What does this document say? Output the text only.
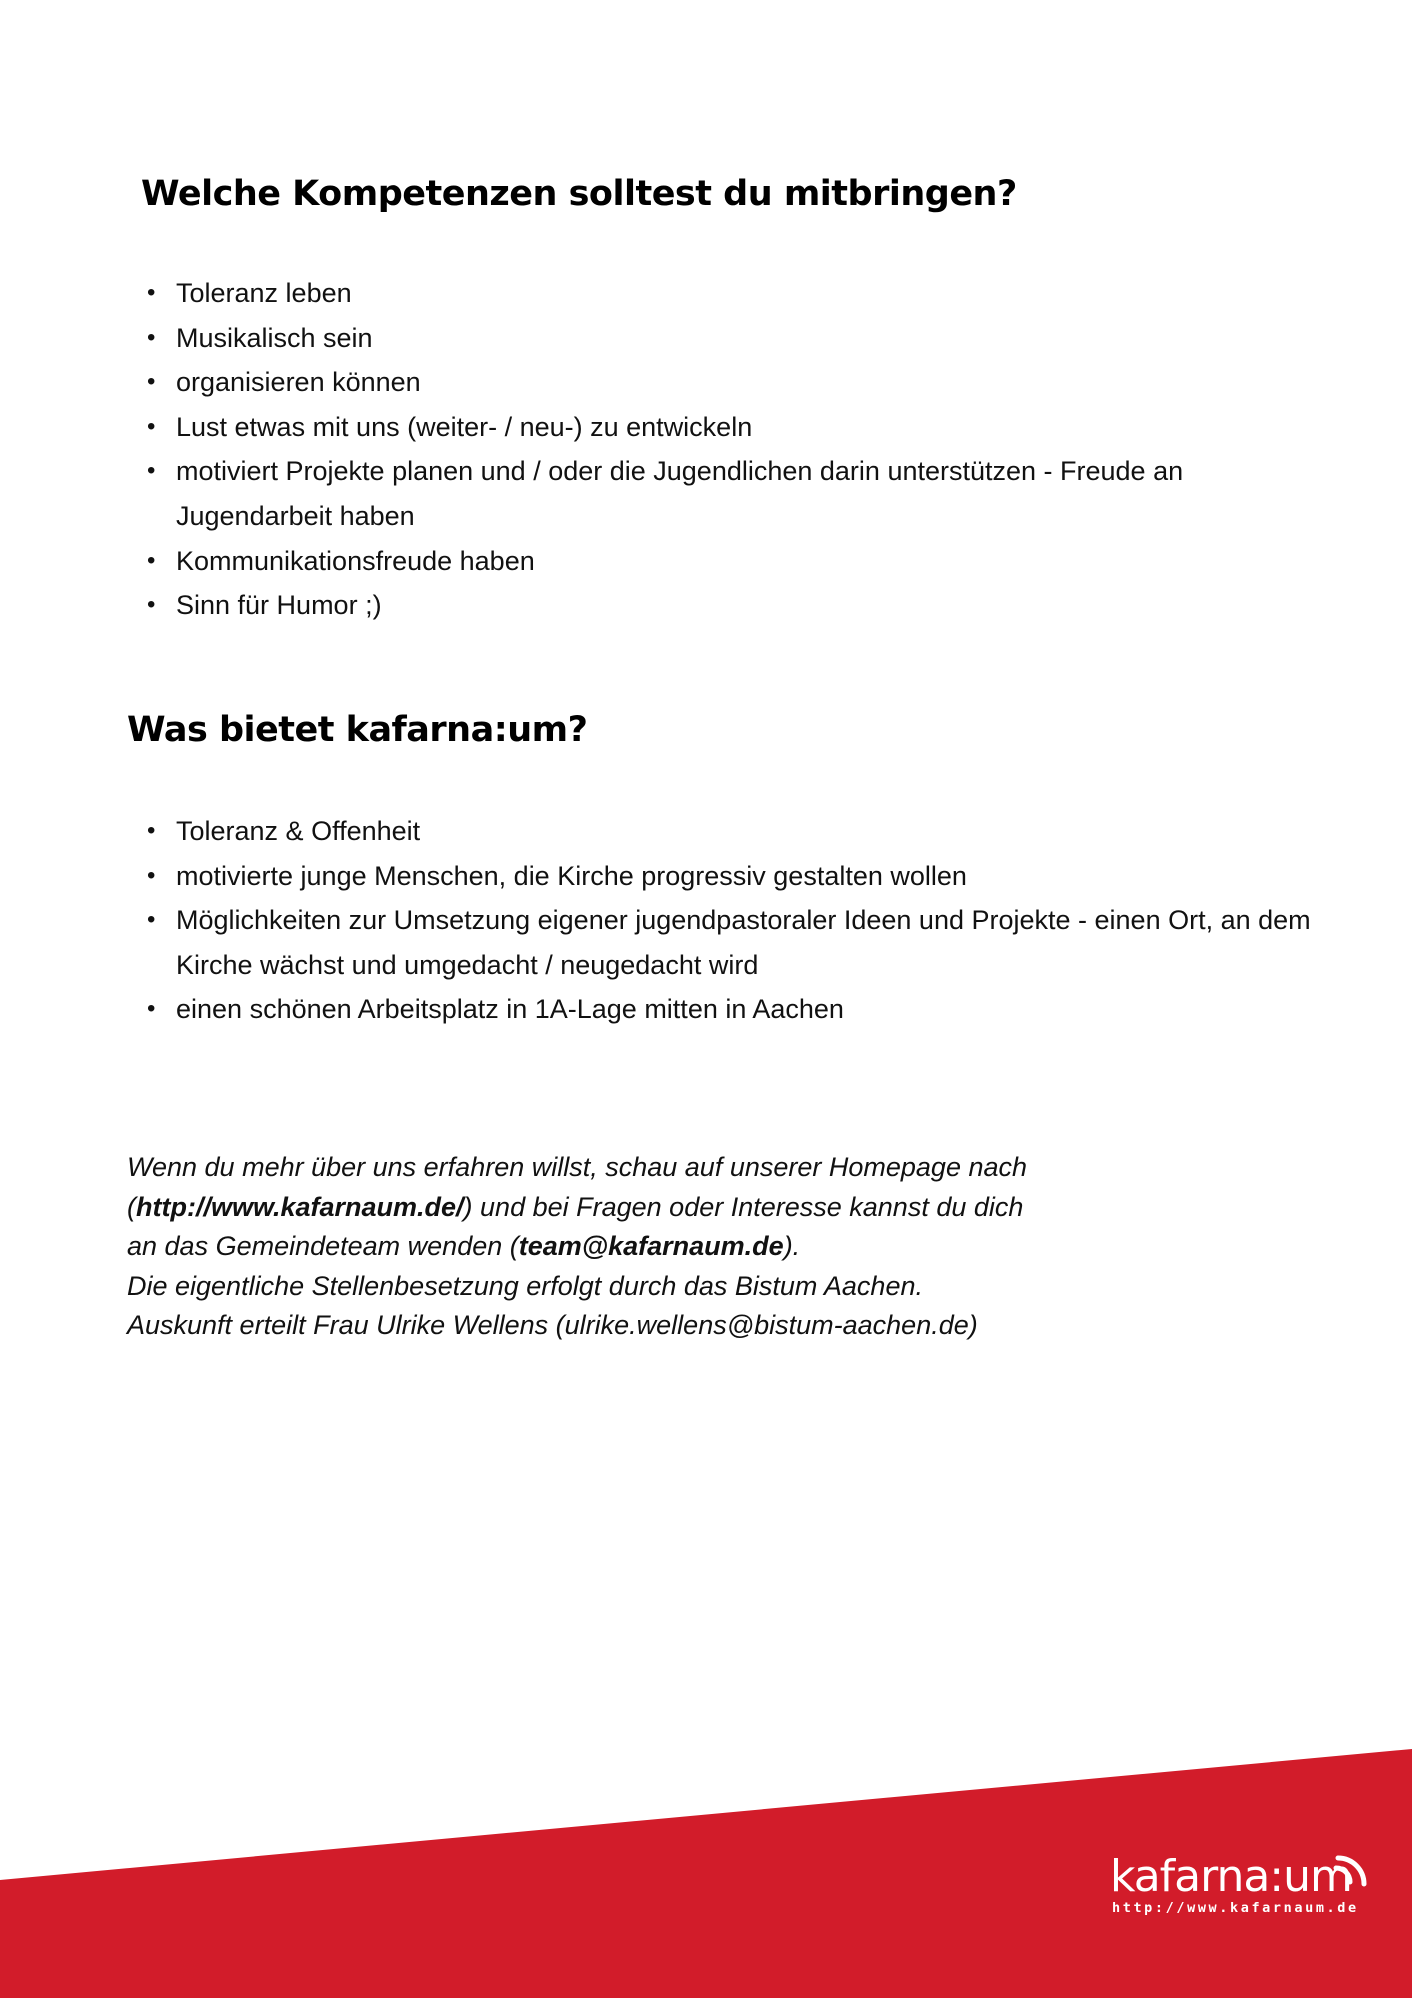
Welche Kompetenzen solltest du mitbringen?
• Toleranz leben
• Musikalisch sein
• organisieren können
• Lust etwas mit uns (weiter- / neu-) zu entwickeln
• motiviert Projekte planen und / oder die Jugendlichen darin unterstützen - Freude an Jugendarbeit haben
• Kommunikationsfreude haben
• Sinn für Humor ;)
Was bietet kafarna:um?
• Toleranz & Offenheit
• motivierte junge Menschen, die Kirche progressiv gestalten wollen
• Möglichkeiten zur Umsetzung eigener jugendpastoraler Ideen und Projekte - einen Ort, an dem Kirche wächst und umgedacht / neugedacht wird
• einen schönen Arbeitsplatz in 1A-Lage mitten in Aachen

Wenn du mehr über uns erfahren willst, schau auf unserer Homepage nach
(http://www.kafarnaum.de/) und bei Fragen oder Interesse kannst du dich
an das Gemeindeteam wenden (team@kafarnaum.de).
Die eigentliche Stellenbesetzung erfolgt durch das Bistum Aachen.
Auskunft erteilt Frau Ulrike Wellens (ulrike.wellens@bistum-aachen.de)

kafarna:um
http://www.kafarnaum.de
